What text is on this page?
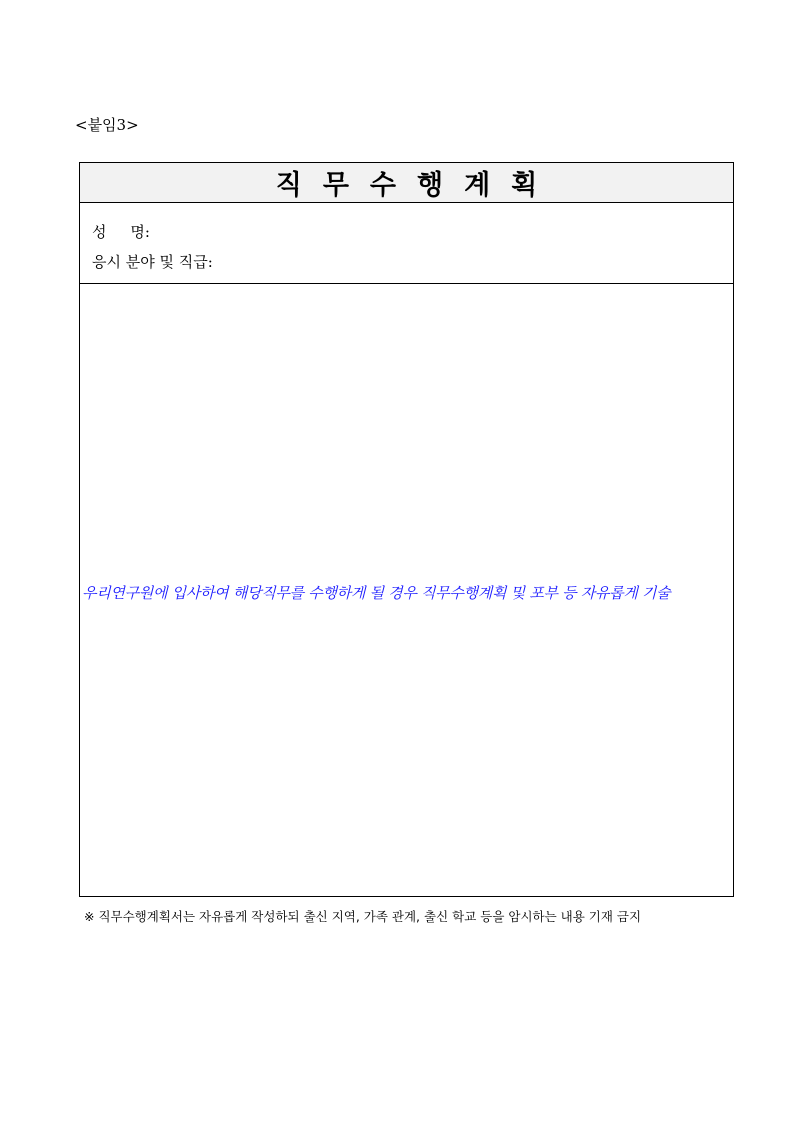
<붙임3>
직무수행계획
성     명:
응시 분야 및 직급:
우리연구원에 입사하여 해당직무를 수행하게 될 경우 직무수행계획 및 포부 등 자유롭게 기술
※ 직무수행계획서는 자유롭게 작성하되 출신 지역, 가족 관계, 출신 학교 등을 암시하는 내용 기재 금지
